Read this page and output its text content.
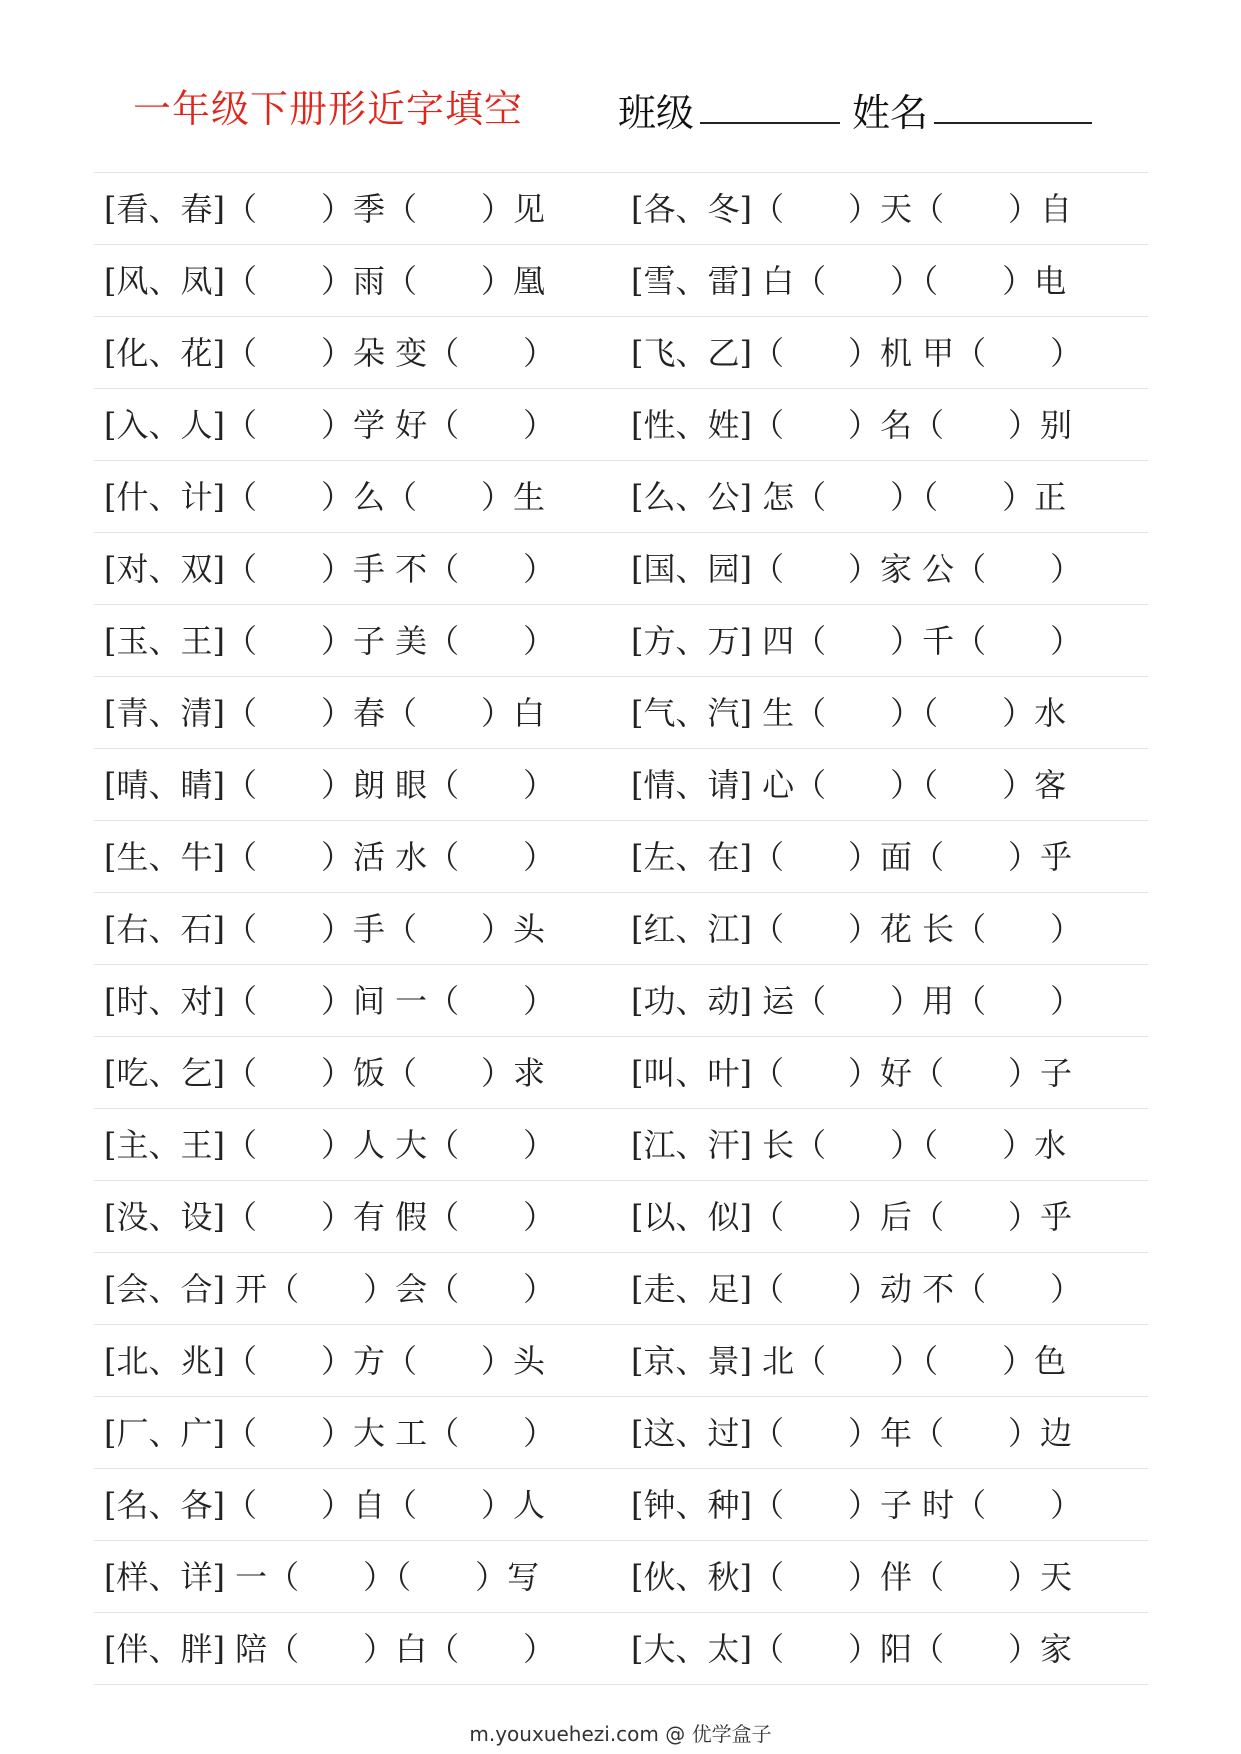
一年级下册形近字填空 班级	姓名
[看、春]（　　）季（　　）见	[各、冬]（　　）天（　　）自
[风、凤]（　　）雨（　　）凰	[雪、雷] 白（　　）（　　）电
[化、花]（　　）朵 变（　　） [飞、乙]（　　）机 甲（　　）
[入、人]（　　）学 好（　　） [性、姓]（　　）名（　　）别
[什、计]（　　）么（　　）生	[么、公] 怎（　　）（　　）正
[对、双]（　　）手 不（　　） [国、园]（　　）家 公（　　）
[玉、王]（　　）子 美（　　） [方、万] 四（　　）千（　　）
[青、清]（　　）春（　　）白	[气、汽] 生（　　）（　　）水
[晴、睛]（　　）朗 眼（　　） [情、请] 心（　　）（　　）客
[生、牛]（　　）活 水（　　） [左、在]（　　）面（　　）乎
[右、石]（　　）手（　　）头	[红、江]（　　）花 长（　　）
[时、对]（　　）间 一（　　） [功、动] 运（　　）用（　　）
[吃、乞]（　　）饭（　　）求	[叫、叶]（　　）好（　　）子
[主、王]（　　）人 大（　　） [江、汗] 长（　　）（　　）水
[没、设]（　　）有 假（　　） [以、似]（　　）后（　　）乎
[会、合] 开（　　）会（　　） [走、足]（　　）动 不（　　）
[北、兆]（　　）方（　　）头	[京、景] 北（　　）（　　）色
[厂、广]（　　）大 工（　　） [这、过]（　　）年（　　）边
[名、各]（　　）自（　　）人	[钟、种]（　　）子 时（　　）
[样、详] 一（　　）（　　）写	[伙、秋]（　　）伴（　　）天
[伴、胖] 陪（　　）白（　　） [大、太]（　　）阳（　　）家
m.youxuehezi.com @ 优学盒子
